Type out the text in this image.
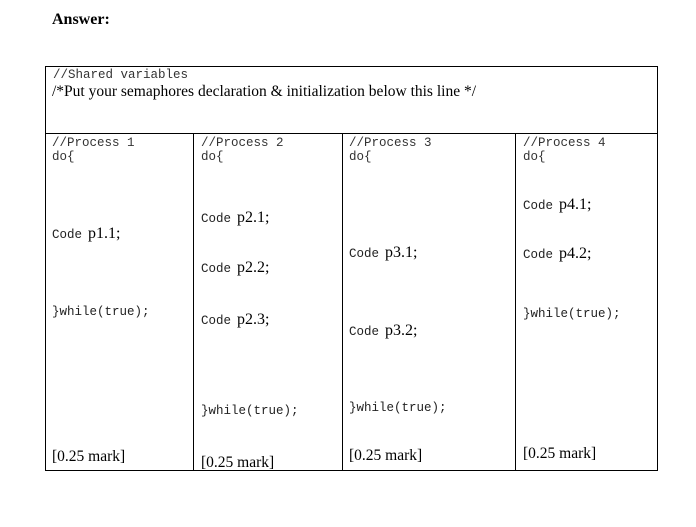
Answer:
//Shared variables
/*Put your semaphores declaration & initialization below this line */
//Process 1
do{
Code p1.1;
}while(true);
[0.25 mark]
//Process 2
do{
Code p2.1;
Code p2.2;
Code p2.3;
}while(true);
[0.25 mark]
//Process 3
do{
Code p3.1;
Code p3.2;
}while(true);
[0.25 mark]
//Process 4
do{
Code p4.1;
Code p4.2;
}while(true);
[0.25 mark]
